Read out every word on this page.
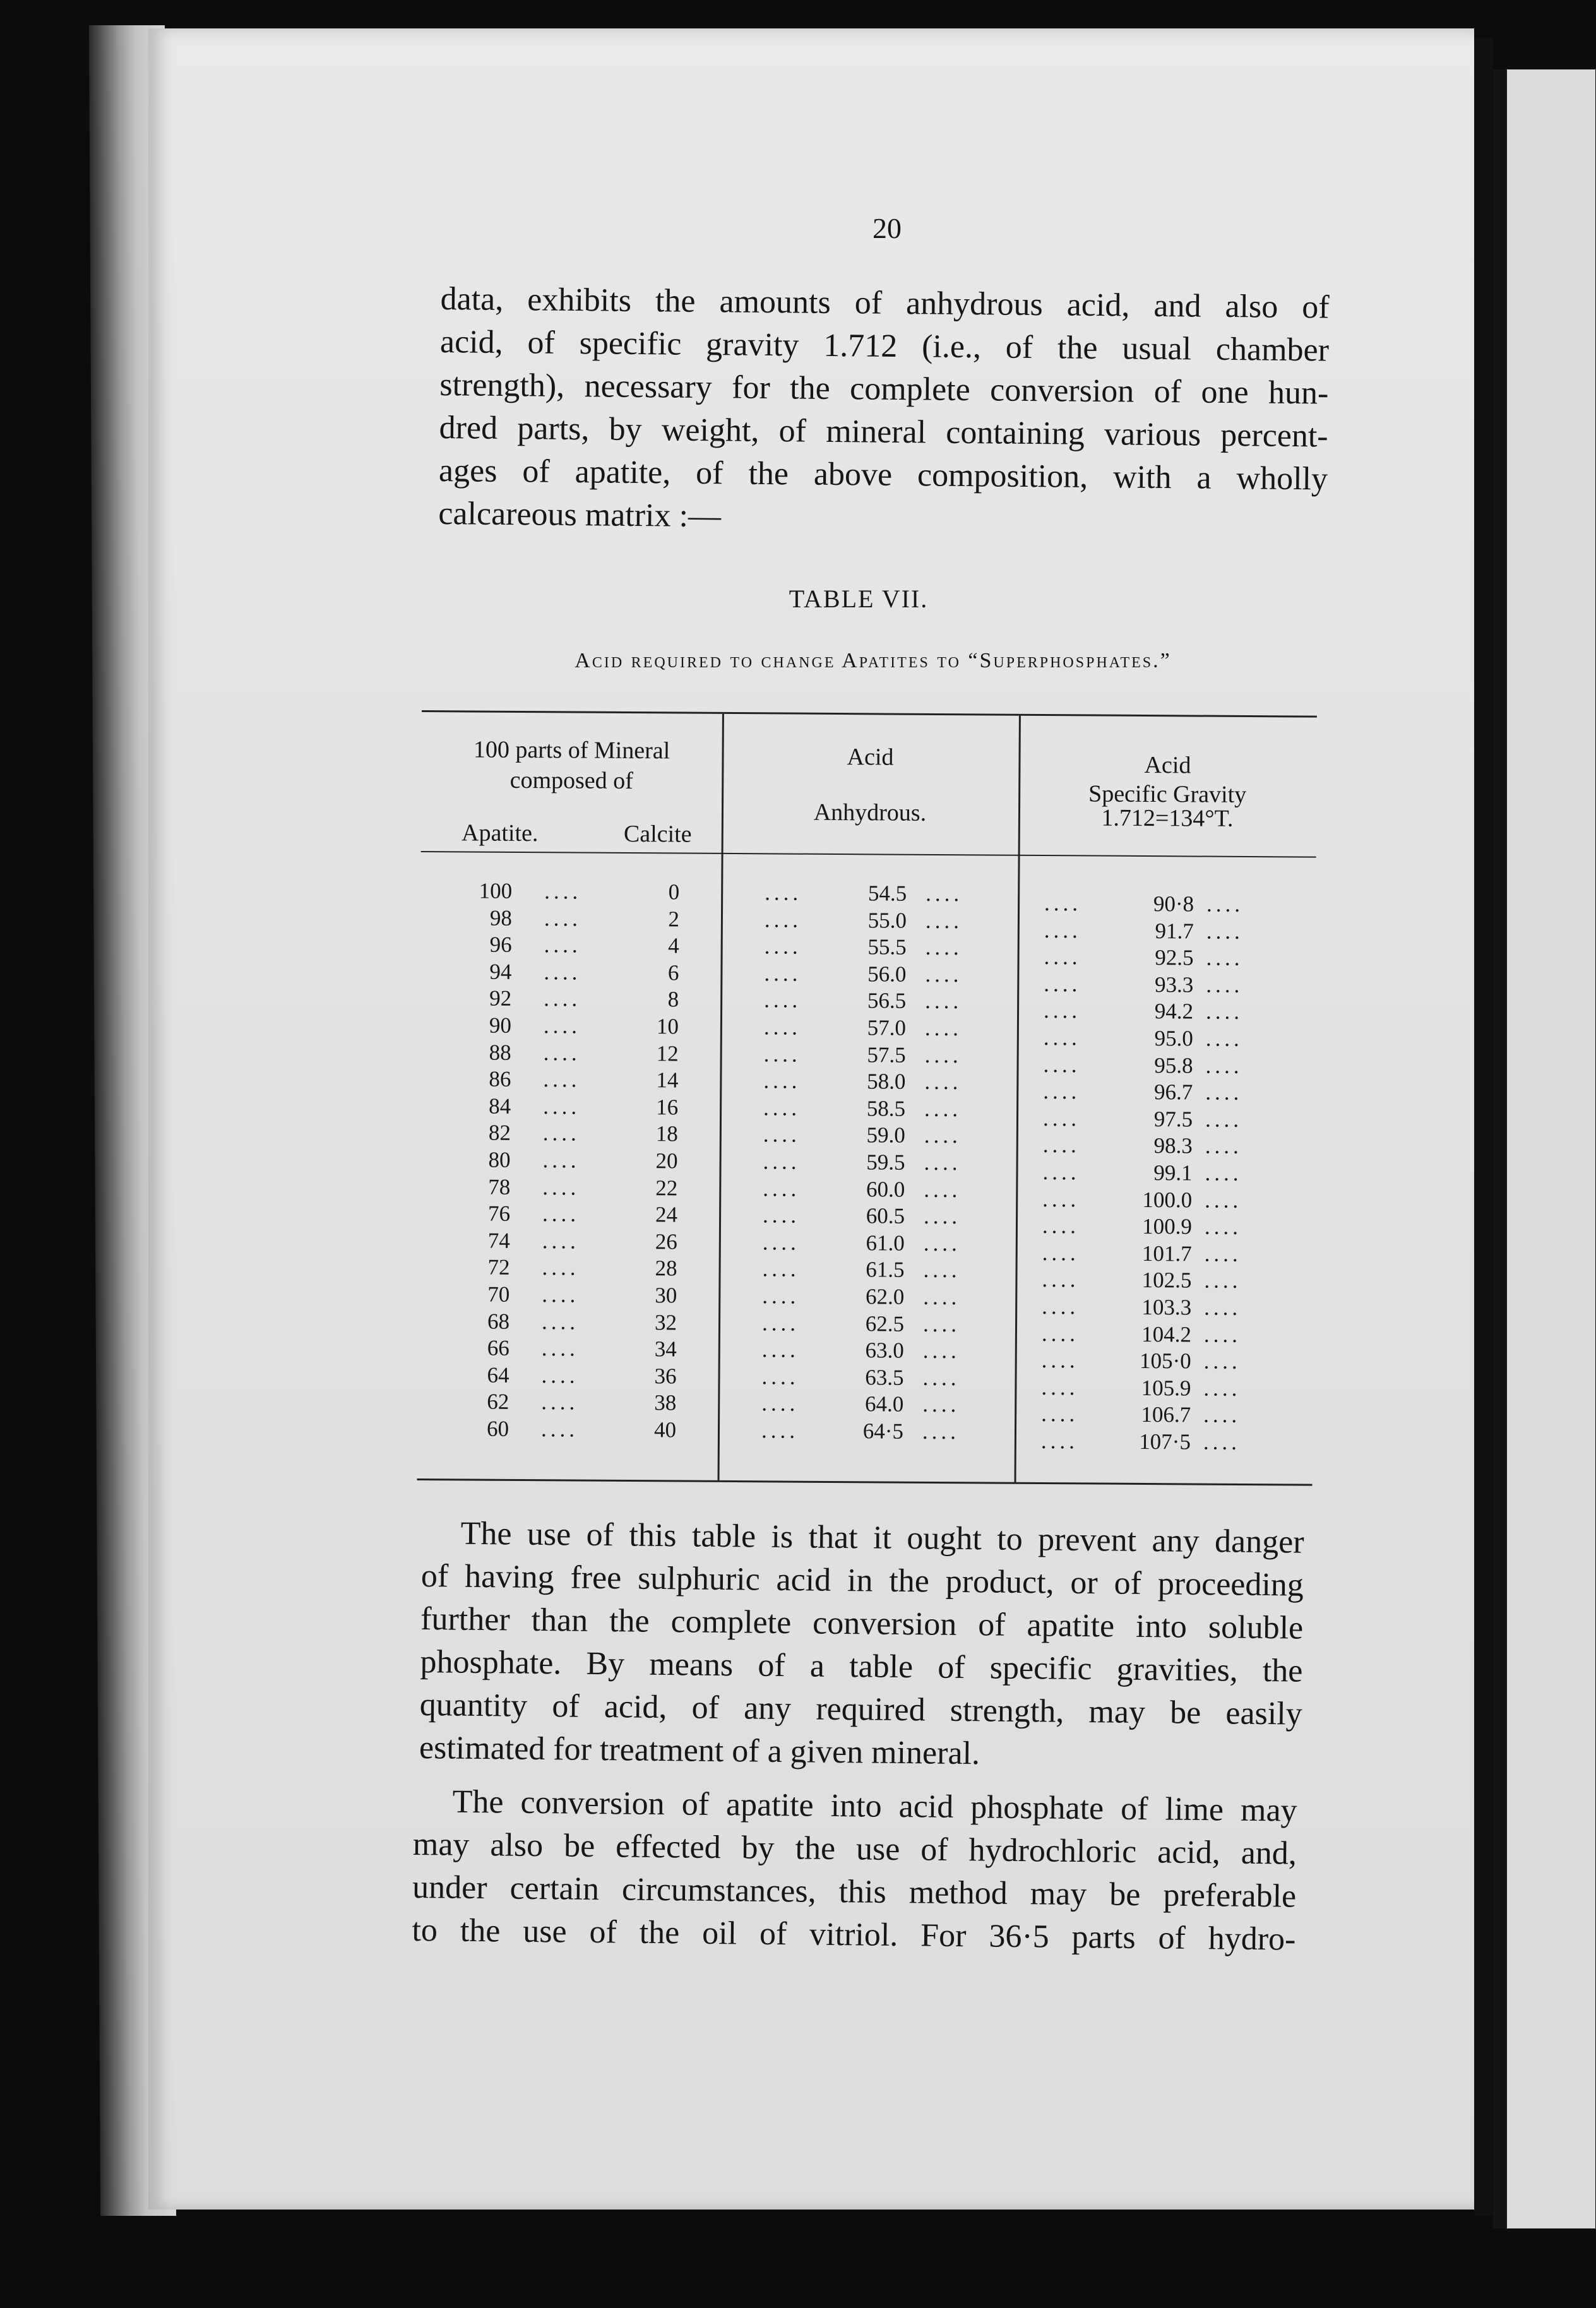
20
data, exhibits the amounts of anhydrous acid, and also of
acid, of specific gravity 1.712 (i.e., of the usual chamber
strength), necessary for the complete conversion of one hun-
dred parts, by weight, of mineral containing various percent-
ages of apatite, of the above composition, with a wholly
calcareous matrix :—
TABLE VII.
Acid required to change Apatites to “Superphosphates.”
100 parts of Mineral
composed of
Apatite.	Calcite
Acid
Anhydrous.
Acid
Specific Gravity
1.712=134°T.
100 ....	0	....	54.5 ....	....	90·8 ....
98 ....	2	....	55.0 ....	....	91.7 ....
96 ....	4	....	55.5 ....	....	92.5 ....
94 ....	6	....	56.0 ....	....	93.3 ....
92 ....	8	....	56.5 ....	....	94.2 ....
90 ....	10	....	57.0 ....	....	95.0 ....
88 ....	12	....	57.5 ....	....	95.8 ....
86 ....	14	....	58.0 ....	....	96.7 ....
84 ....	16	....	58.5 ....	....	97.5 ....
82 ....	18	....	59.0 ....	....	98.3 ....
80 ....	20	....	59.5 ....	....	99.1 ....
78 ....	22	....	60.0 ....	....	100.0 ....
76 ....	24	....	60.5 ....	....	100.9 ....
74 ....	26	....	61.0 ....	....	101.7 ....
72 ....	28	....	61.5 ....	....	102.5 ....
70 ....	30	....	62.0 ....	....	103.3 ....
68 ....	32	....	62.5 ....	....	104.2 ....
66 ....	34	....	63.0 ....	....	105·0 ....
64 ....	36	....	63.5 ....	....	105.9 ....
62 ....	38	....	64.0 ....	....	106.7 ....
60 ....	40	....	64·5 ....	....	107·5 ....
The use of this table is that it ought to prevent any danger
of having free sulphuric acid in the product, or of proceeding
further than the complete conversion of apatite into soluble
phosphate. By means of a table of specific gravities, the
quantity of acid, of any required strength, may be easily
estimated for treatment of a given mineral.
The conversion of apatite into acid phosphate of lime may
may also be effected by the use of hydrochloric acid, and,
under certain circumstances, this method may be preferable
to the use of the oil of vitriol. For 36·5 parts of hydro-
